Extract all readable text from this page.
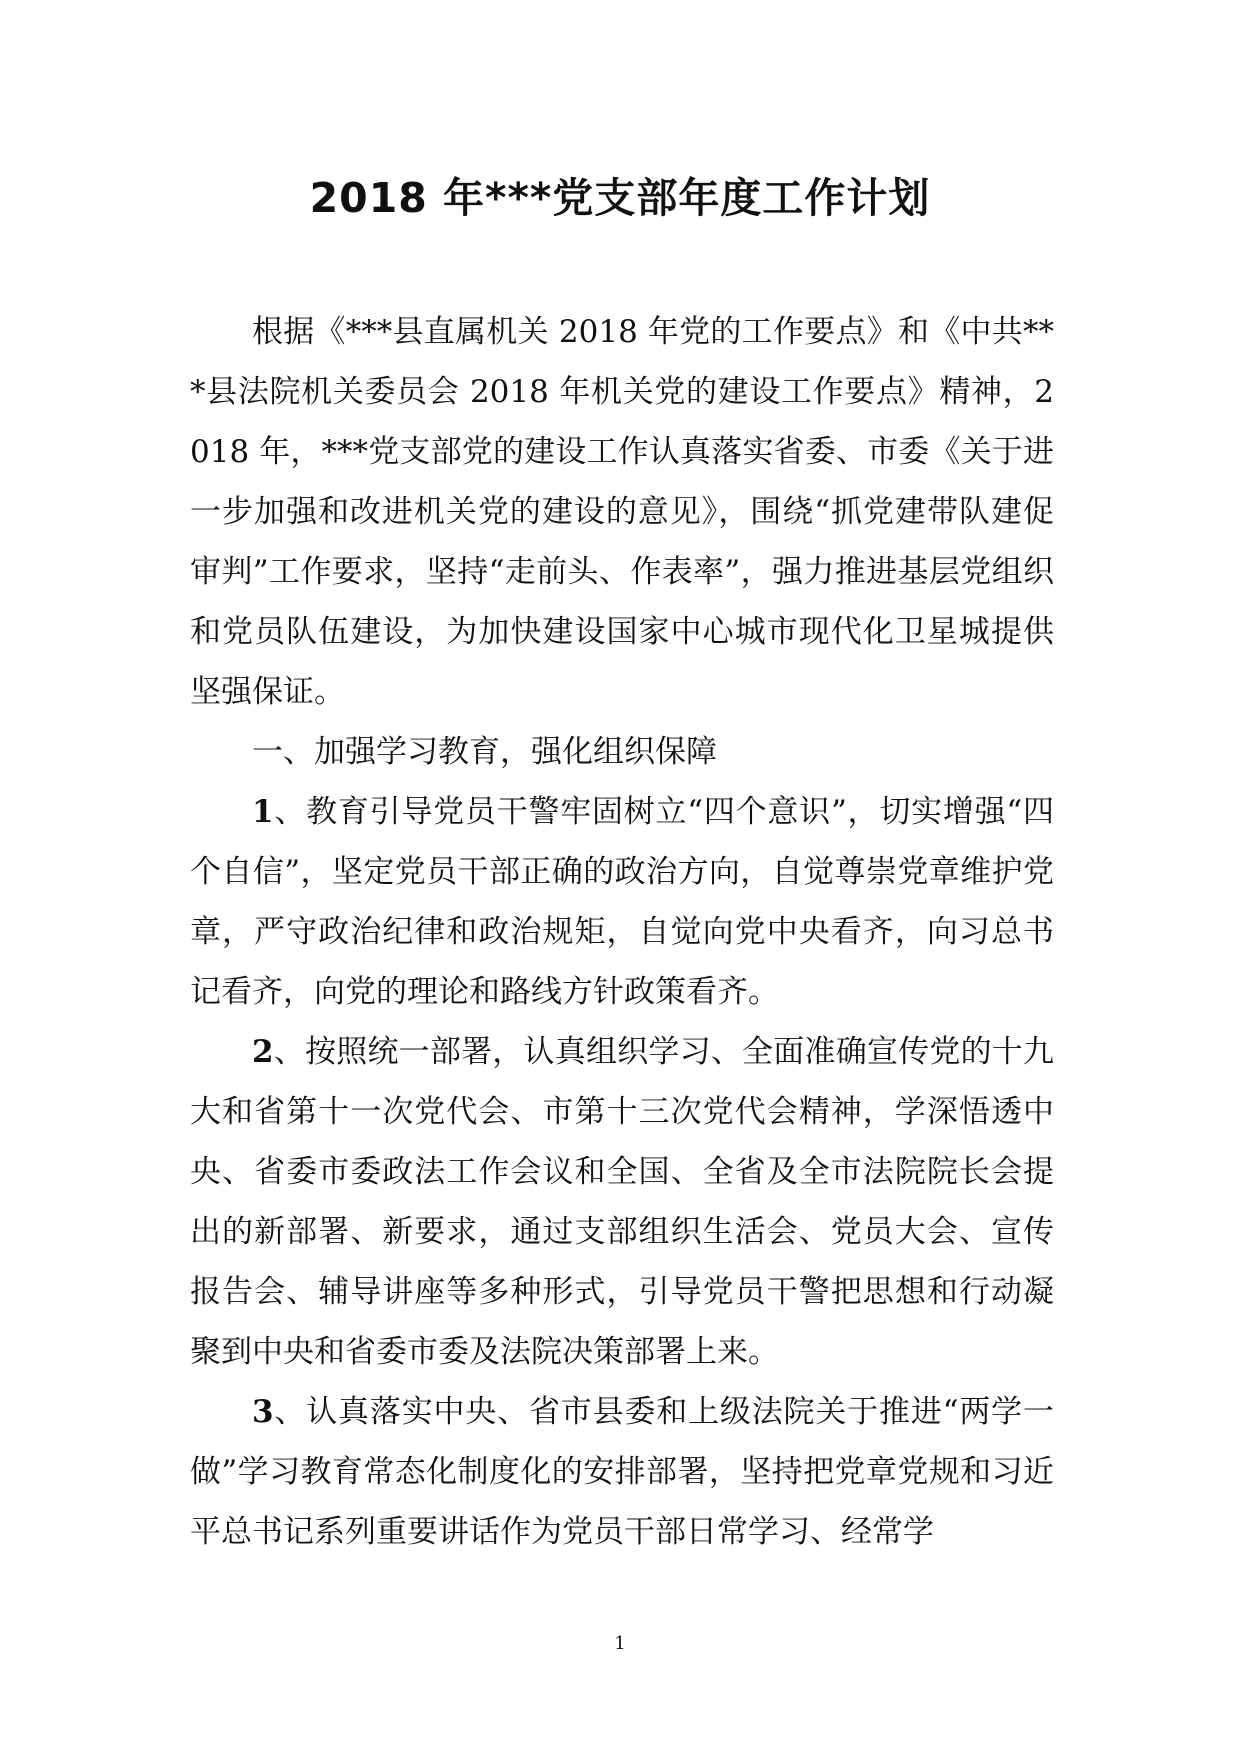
2018 年***党支部年度工作计划

根据《***县直属机关 2018 年党的工作要点》和《中共***县法院机关委员会 2018 年机关党的建设工作要点》精神，2018 年，***党支部党的建设工作认真落实省委、市委《关于进一步加强和改进机关党的建设的意见》，围绕“抓党建带队建促审判”工作要求，坚持“走前头、作表率”，强力推进基层党组织和党员队伍建设，为加快建设国家中心城市现代化卫星城提供坚强保证。

一、加强学习教育，强化组织保障

1、教育引导党员干警牢固树立“四个意识”，切实增强“四个自信”，坚定党员干部正确的政治方向，自觉尊崇党章维护党章，严守政治纪律和政治规矩，自觉向党中央看齐，向习总书记看齐，向党的理论和路线方针政策看齐。

2、按照统一部署，认真组织学习、全面准确宣传党的十九大和省第十一次党代会、市第十三次党代会精神，学深悟透中央、省委市委政法工作会议和全国、全省及全市法院院长会提出的新部署、新要求，通过支部组织生活会、党员大会、宣传报告会、辅导讲座等多种形式，引导党员干警把思想和行动凝聚到中央和省委市委及法院决策部署上来。

3、认真落实中央、省市县委和上级法院关于推进“两学一做”学习教育常态化制度化的安排部署，坚持把党章党规和习近平总书记系列重要讲话作为党员干部日常学习、经常学

1
